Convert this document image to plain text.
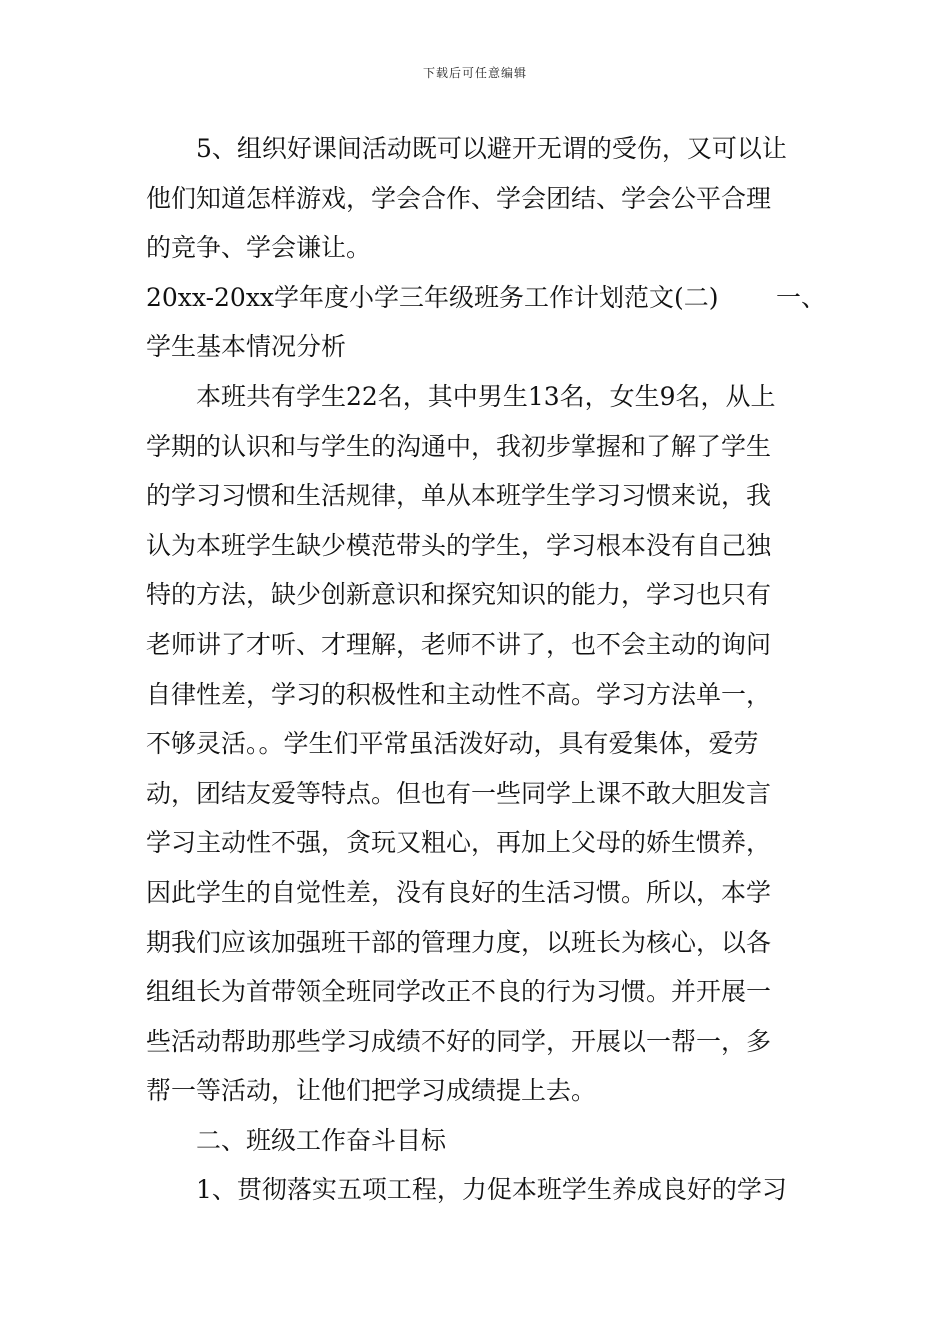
下载后可任意编辑
5、组织好课间活动既可以避开无谓的受伤，又可以让
他们知道怎样游戏，学会合作、学会团结、学会公平合理
的竞争、学会谦让。
20xx-20xx学年度小学三年级班务工作计划范文(二) 一、
学生基本情况分析
本班共有学生22名，其中男生13名，女生9名，从上
学期的认识和与学生的沟通中，我初步掌握和了解了学生
的学习习惯和生活规律，单从本班学生学习习惯来说，我
认为本班学生缺少模范带头的学生，学习根本没有自己独
特的方法，缺少创新意识和探究知识的能力，学习也只有
老师讲了才听、才理解，老师不讲了，也不会主动的询问
自律性差，学习的积极性和主动性不高。学习方法单一，
不够灵活。。学生们平常虽活泼好动，具有爱集体，爱劳
动，团结友爱等特点。但也有一些同学上课不敢大胆发言
学习主动性不强，贪玩又粗心，再加上父母的娇生惯养，
因此学生的自觉性差，没有良好的生活习惯。所以，本学
期我们应该加强班干部的管理力度，以班长为核心，以各
组组长为首带领全班同学改正不良的行为习惯。并开展一
些活动帮助那些学习成绩不好的同学，开展以一帮一，多
帮一等活动，让他们把学习成绩提上去。
二、班级工作奋斗目标
1、贯彻落实五项工程，力促本班学生养成良好的学习
